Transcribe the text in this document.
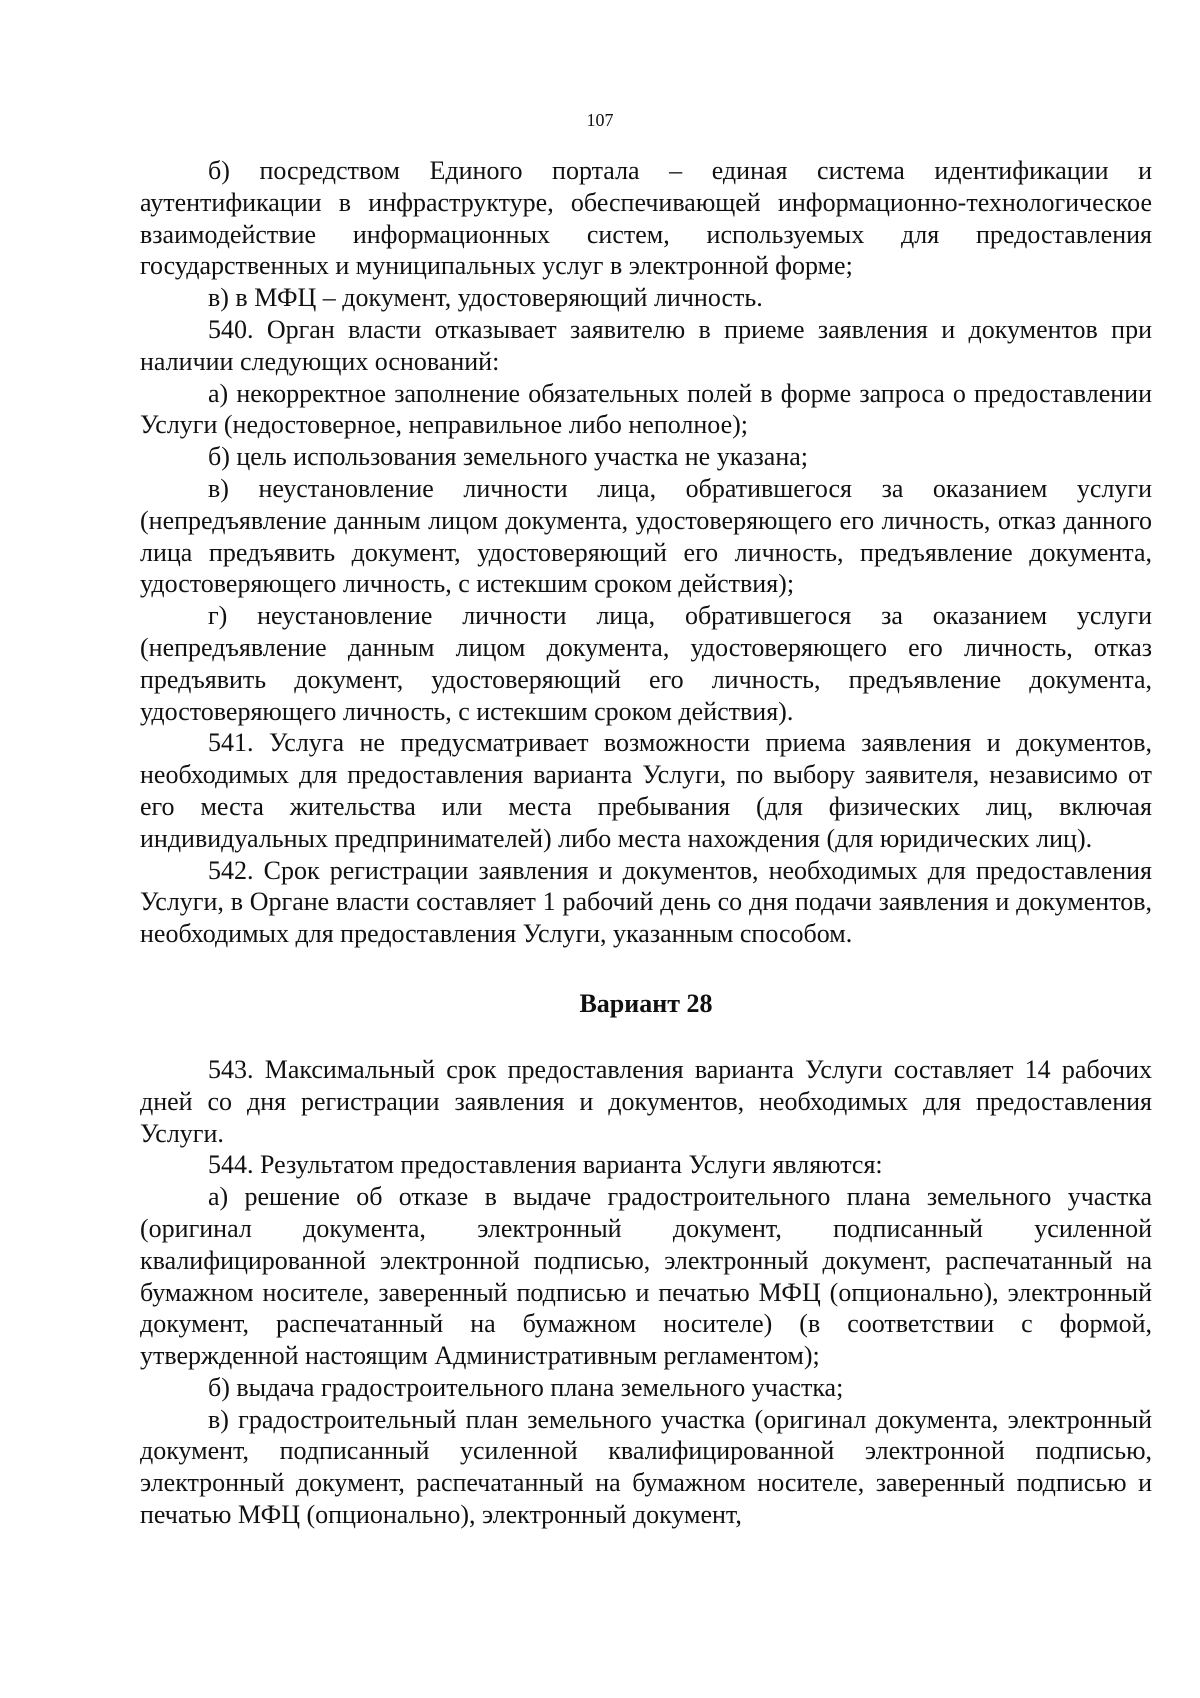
107

б) посредством Единого портала – единая система идентификации и аутентификации в инфраструктуре, обеспечивающей информационно-технологическое взаимодействие информационных систем, используемых для предоставления государственных и муниципальных услуг в электронной форме;

в) в МФЦ – документ, удостоверяющий личность.

540. Орган власти отказывает заявителю в приеме заявления и документов при наличии следующих оснований:

а) некорректное заполнение обязательных полей в форме запроса о предоставлении Услуги (недостоверное, неправильное либо неполное);

б) цель использования земельного участка не указана;

в) неустановление личности лица, обратившегося за оказанием услуги (непредъявление данным лицом документа, удостоверяющего его личность, отказ данного лица предъявить документ, удостоверяющий его личность, предъявление документа, удостоверяющего личность, с истекшим сроком действия);

г) неустановление личности лица, обратившегося за оказанием услуги (непредъявление данным лицом документа, удостоверяющего его личность, отказ предъявить документ, удостоверяющий его личность, предъявление документа, удостоверяющего личность, с истекшим сроком действия).

541. Услуга не предусматривает возможности приема заявления и документов, необходимых для предоставления варианта Услуги, по выбору заявителя, независимо от его места жительства или места пребывания (для физических лиц, включая индивидуальных предпринимателей) либо места нахождения (для юридических лиц).

542. Срок регистрации заявления и документов, необходимых для предоставления Услуги, в Органе власти составляет 1 рабочий день со дня подачи заявления и документов, необходимых для предоставления Услуги, указанным способом.

Вариант 28

543. Максимальный срок предоставления варианта Услуги составляет 14 рабочих дней со дня регистрации заявления и документов, необходимых для предоставления Услуги.

544. Результатом предоставления варианта Услуги являются:

а) решение об отказе в выдаче градостроительного плана земельного участка (оригинал документа, электронный документ, подписанный усиленной квалифицированной электронной подписью, электронный документ, распечатанный на бумажном носителе, заверенный подписью и печатью МФЦ (опционально), электронный документ, распечатанный на бумажном носителе) (в соответствии с формой, утвержденной настоящим Административным регламентом);

б) выдача градостроительного плана земельного участка;

в) градостроительный план земельного участка (оригинал документа, электронный документ, подписанный усиленной квалифицированной электронной подписью, электронный документ, распечатанный на бумажном носителе, заверенный подписью и печатью МФЦ (опционально), электронный документ,
